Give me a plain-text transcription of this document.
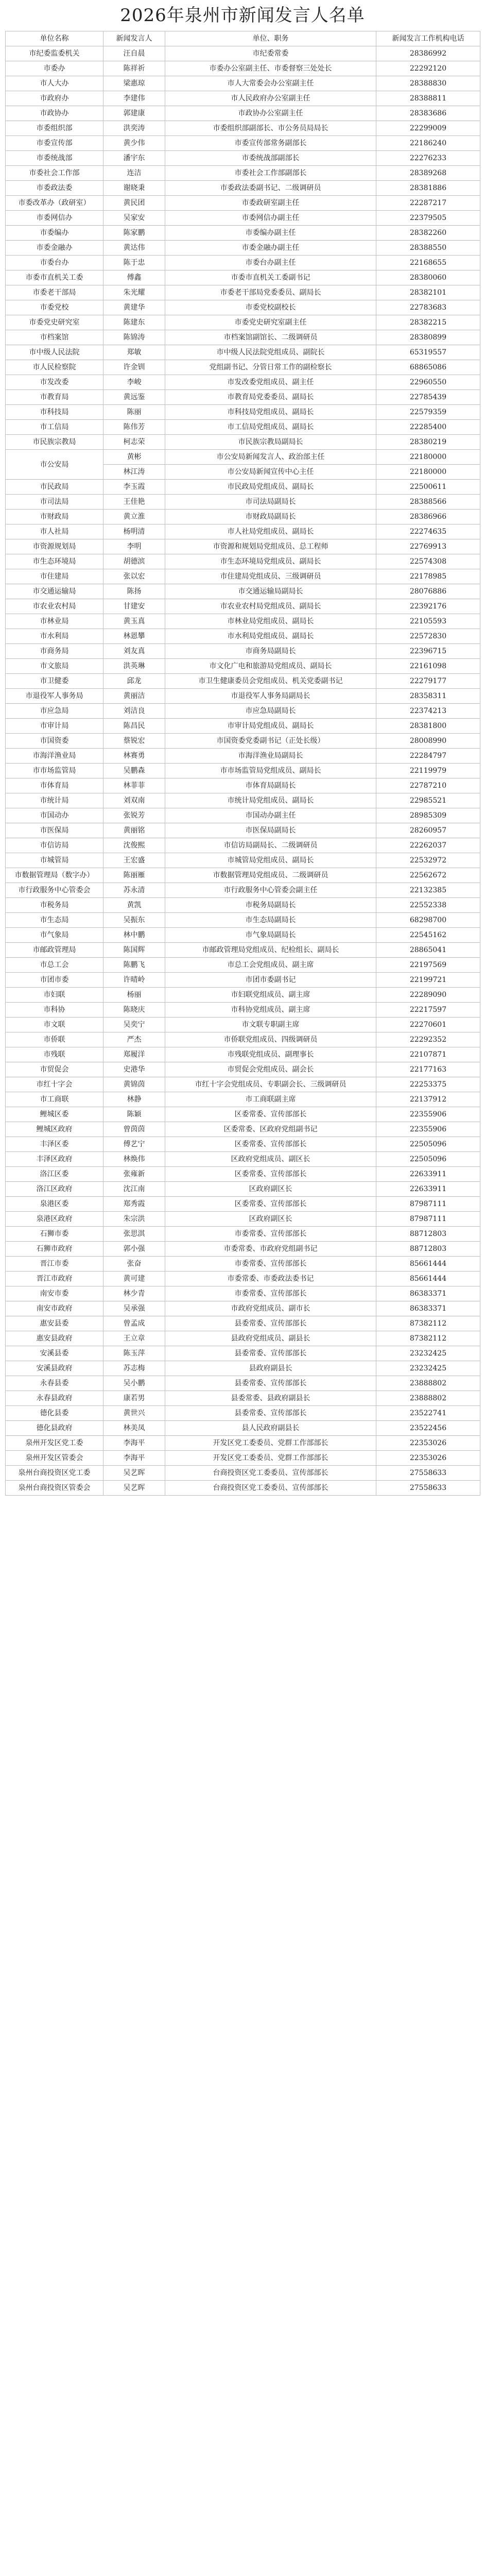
2026年泉州市新闻发言人名单
单位名称	新闻发言人	单位、职务	新闻发言工作机构电话
市纪委监委机关	汪自晨	市纪委常委	28386992
市委办	陈祥祈	市委办公室副主任、市委督察三处处长	22292120
市人大办	梁惠琼	市人大常委会办公室副主任	28388830
市政府办	李建伟	市人民政府办公室副主任	28388811
市政协办	郭建康	市政协办公室副主任	28383686
市委组织部	洪奕涛	市委组织部副部长、市公务员局局长	22299009
市委宣传部	黄少伟	市委宣传部常务副部长	22186240
市委统战部	潘宇东	市委统战部副部长	22276233
市委社会工作部	连洁	市委社会工作部副部长	28389268
市委政法委	谢晓秉	市委政法委副书记、二级调研员	28381886
市委改革办（政研室）	黄民团	市委政研室副主任	22287217
市委网信办	吴家安	市委网信办副主任	22379505
市委编办	陈家鹏	市委编办副主任	28382260
市委金融办	黄达伟	市委金融办副主任	28388550
市委台办	陈于忠	市委台办副主任	22168655
市委市直机关工委	傅鑫	市委市直机关工委副书记	28380060
市委老干部局	朱光耀	市委老干部局党委委员、副局长	28382101
市委党校	黄建华	市委党校副校长	22783683
市委党史研究室	陈建东	市委党史研究室副主任	28382215
市档案馆	陈锦涛	市档案馆副馆长、二级调研员	28380899
市中级人民法院	郑敏	市中级人民法院党组成员、副院长	65319557
市人民检察院	许金钏	党组副书记、分管日常工作的副检察长	68865086
市发改委	李峻	市发改委党组成员、副主任	22960550
市教育局	黄远鉴	市教育局党委委员、副局长	22785439
市科技局	陈丽	市科技局党组成员、副局长	22579359
市工信局	陈伟芳	市工信局党组成员、副局长	22285400
市民族宗教局	柯志荣	市民族宗教局副局长	28380219
市公安局	黄彬	市公安局新闻发言人、政治部主任	22180000
	林江涛	市公安局新闻宣传中心主任	22180000
市民政局	李玉霞	市民政局党组成员、副局长	22500611
市司法局	王佳艳	市司法局副局长	28388566
市财政局	黄立淮	市财政局副局长	28386966
市人社局	杨明清	市人社局党组成员、副局长	22274635
市资源规划局	李明	市资源和规划局党组成员、总工程师	22769913
市生态环境局	胡德滨	市生态环境局党组成员、副局长	22574308
市住建局	张以宏	市住建局党组成员、三级调研员	22178985
市交通运输局	陈扬	市交通运输局副局长	28076886
市农业农村局	甘建安	市农业农村局党组成员、副局长	22392176
市林业局	黄玉真	市林业局党组成员、副局长	22105593
市水利局	林恩攀	市水利局党组成员、副局长	22572830
市商务局	刘友真	市商务局副局长	22396715
市文旅局	洪英琳	市文化广电和旅游局党组成员、副局长	22161098
市卫健委	邱龙	市卫生健康委员会党组成员、机关党委副书记	22279177
市退役军人事务局	黄丽洁	市退役军人事务局副局长	28358311
市应急局	刘洁良	市应急局副局长	22374213
市审计局	陈昌民	市审计局党组成员、副局长	28381800
市国资委	蔡锐宏	市国资委党委副书记（正处长级）	28008990
市海洋渔业局	林赛勇	市海洋渔业局副局长	22284797
市市场监管局	吴鹏森	市市场监管局党组成员、副局长	22119979
市体育局	林菲菲	市体育局副局长	22787210
市统计局	刘双南	市统计局党组成员、副局长	22985521
市国动办	张锐芳	市国动办副主任	28985309
市医保局	黄丽铭	市医保局副局长	28260957
市信访局	沈俊熙	市信访局副局长、二级调研员	22262037
市城管局	王宏盛	市城管局党组成员、副局长	22532972
市数据管理局（数字办）	陈丽雁	市数据管理局党组成员、二级调研员	22562672
市行政服务中心管委会	苏永清	市行政服务中心管委会副主任	22132385
市税务局	黄凯	市税务局副局长	22552338
市生态局	吴振东	市生态局副局长	68298700
市气象局	林中鹏	市气象局副局长	22545162
市邮政管理局	陈国辉	市邮政管理局党组成员、纪检组长、副局长	28865041
市总工会	陈鹏飞	市总工会党组成员、副主席	22197569
市团市委	许晴岭	市团市委副书记	22199721
市妇联	杨丽	市妇联党组成员、副主席	22289090
市科协	陈晓庆	市科协党组成员、副主席	22217597
市文联	吴奕宁	市文联专职副主席	22270601
市侨联	严杰	市侨联党组成员、四级调研员	22292352
市残联	郑履洋	市残联党组成员、副理事长	22107871
市贸促会	史港华	市贸促会党组成员、副会长	22177163
市红十字会	黄锦茵	市红十字会党组成员、专职副会长、三级调研员	22253375
市工商联	林静	市工商联副主席	22137912
鲤城区委	陈颖	区委常委、宣传部部长	22355906
鲤城区政府	曾茵茵	区委常委、区政府党组副书记	22355906
丰泽区委	傅艺宁	区委常委、宣传部部长	22505096
丰泽区政府	林焕伟	区政府党组成员、副区长	22505096
洛江区委	张雍新	区委常委、宣传部部长	22633911
洛江区政府	沈江南	区政府副区长	22633911
泉港区委	郑秀霞	区委常委、宣传部部长	87987111
泉港区政府	朱宗洪	区政府副区长	87987111
石狮市委	张思淇	市委常委、宣传部部长	88712803
石狮市政府	郭小强	市委常委、市政府党组副书记	88712803
晋江市委	张奋	市委常委、宣传部部长	85661444
晋江市政府	黄可建	市委常委、市委政法委书记	85661444
南安市委	林少青	市委常委、宣传部部长	86383371
南安市政府	吴承强	市政府党组成员、副市长	86383371
惠安县委	曾孟成	县委常委、宣传部部长	87382112
惠安县政府	王立章	县政府党组成员、副县长	87382112
安溪县委	陈玉萍	县委常委、宣传部部长	23232425
安溪县政府	苏志梅	县政府副县长	23232425
永春县委	吴小鹏	县委常委、宣传部部长	23888802
永春县政府	康若男	县委常委、县政府副县长	23888802
德化县委	黄世兴	县委常委、宣传部部长	23522741
德化县政府	林美凤	县人民政府副县长	23522456
泉州开发区党工委	李海平	开发区党工委委员、党群工作部部长	22353026
泉州开发区管委会	李海平	开发区党工委委员、党群工作部部长	22353026
泉州台商投资区党工委	吴艺晖	台商投资区党工委委员、宣传部部长	27558633
泉州台商投资区管委会	吴艺晖	台商投资区党工委委员、宣传部部长	27558633
